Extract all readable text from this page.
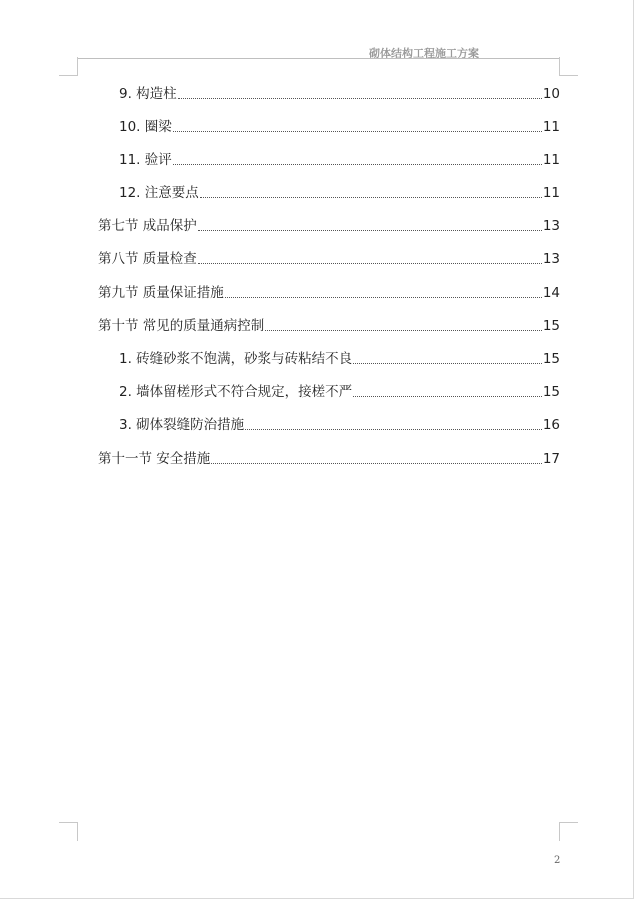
砌体结构工程施工方案
9. 构造柱	10
10. 圈梁	11
11. 验评	11
12. 注意要点	11
第七节 成品保护	13
第八节 质量检查	13
第九节 质量保证措施	14
第十节 常见的质量通病控制	15
1. 砖缝砂浆不饱满，砂浆与砖粘结不良	15
2. 墙体留槎形式不符合规定，接槎不严	15
3. 砌体裂缝防治措施	16
第十一节 安全措施	17
2
